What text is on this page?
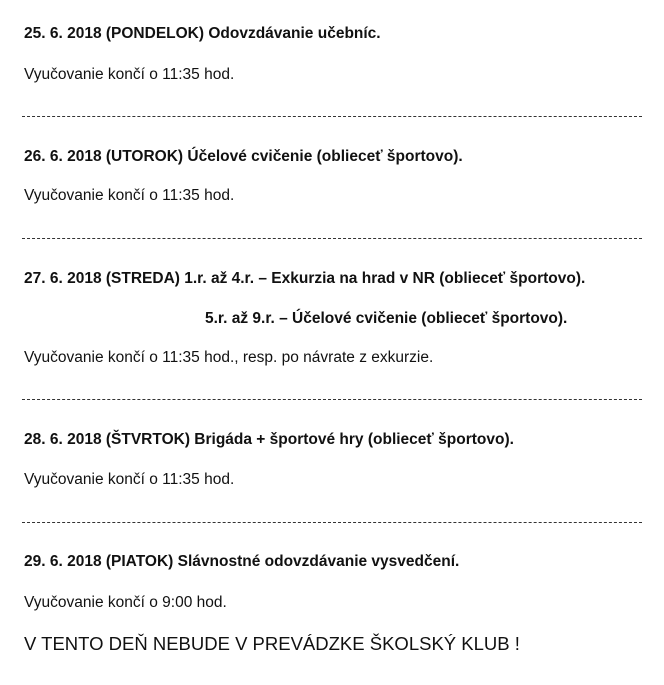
25. 6. 2018 (PONDELOK) Odovzdávanie učebníc.
Vyučovanie končí o 11:35 hod.
26. 6. 2018 (UTOROK) Účelové cvičenie (oblieceť športovo).
Vyučovanie končí o 11:35 hod.
27. 6. 2018 (STREDA) 1.r. až 4.r. – Exkurzia na hrad v NR (oblieceť športovo).
5.r. až 9.r. – Účelové cvičenie (oblieceť športovo).
Vyučovanie končí o 11:35 hod., resp. po návrate z exkurzie.
28. 6. 2018 (ŠTVRTOK) Brigáda + športové hry (oblieceť športovo).
Vyučovanie končí o 11:35 hod.
29. 6. 2018 (PIATOK) Slávnostné odovzdávanie vysvedčení.
Vyučovanie končí o 9:00 hod.
V TENTO DEŇ NEBUDE V PREVÁDZKE ŠKOLSKÝ KLUB !
